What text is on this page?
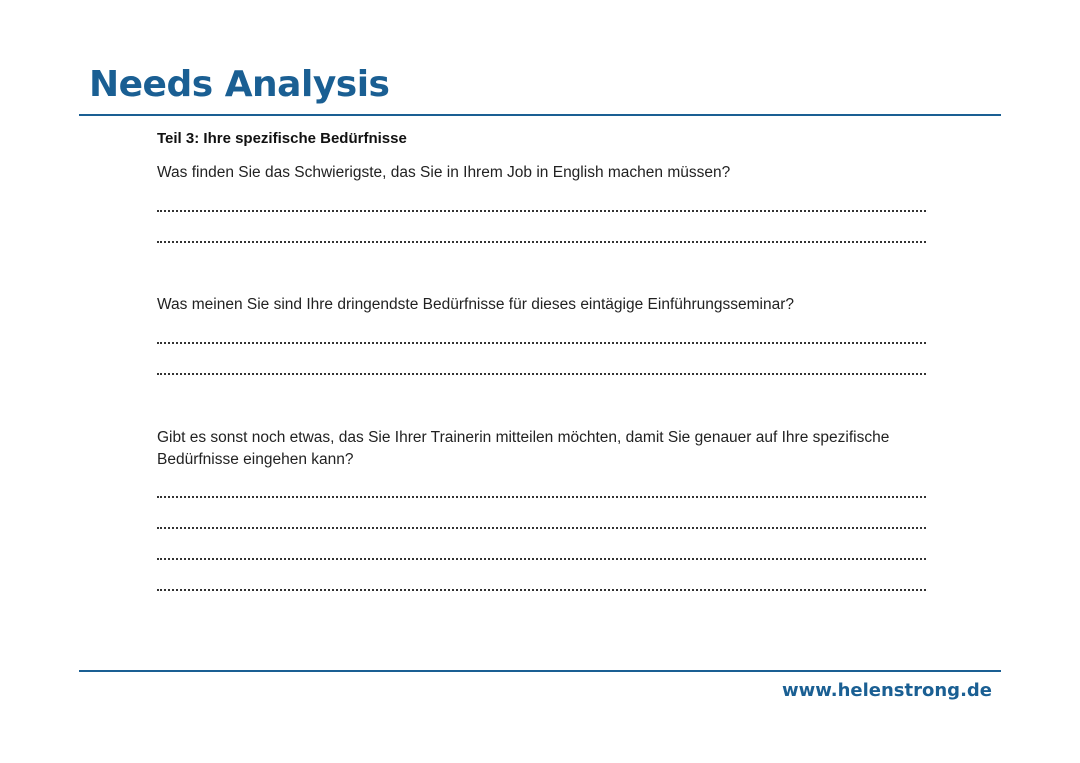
Needs Analysis
Teil 3: Ihre spezifische Bedürfnisse

Was finden Sie das Schwierigste, das Sie in Ihrem Job in English machen müssen?

Was meinen Sie sind Ihre dringendste Bedürfnisse für dieses eintägige Einführungsseminar?

Gibt es sonst noch etwas, das Sie Ihrer Trainerin mitteilen möchten, damit Sie genauer auf Ihre spezifische Bedürfnisse eingehen kann?

www.helenstrong.de
